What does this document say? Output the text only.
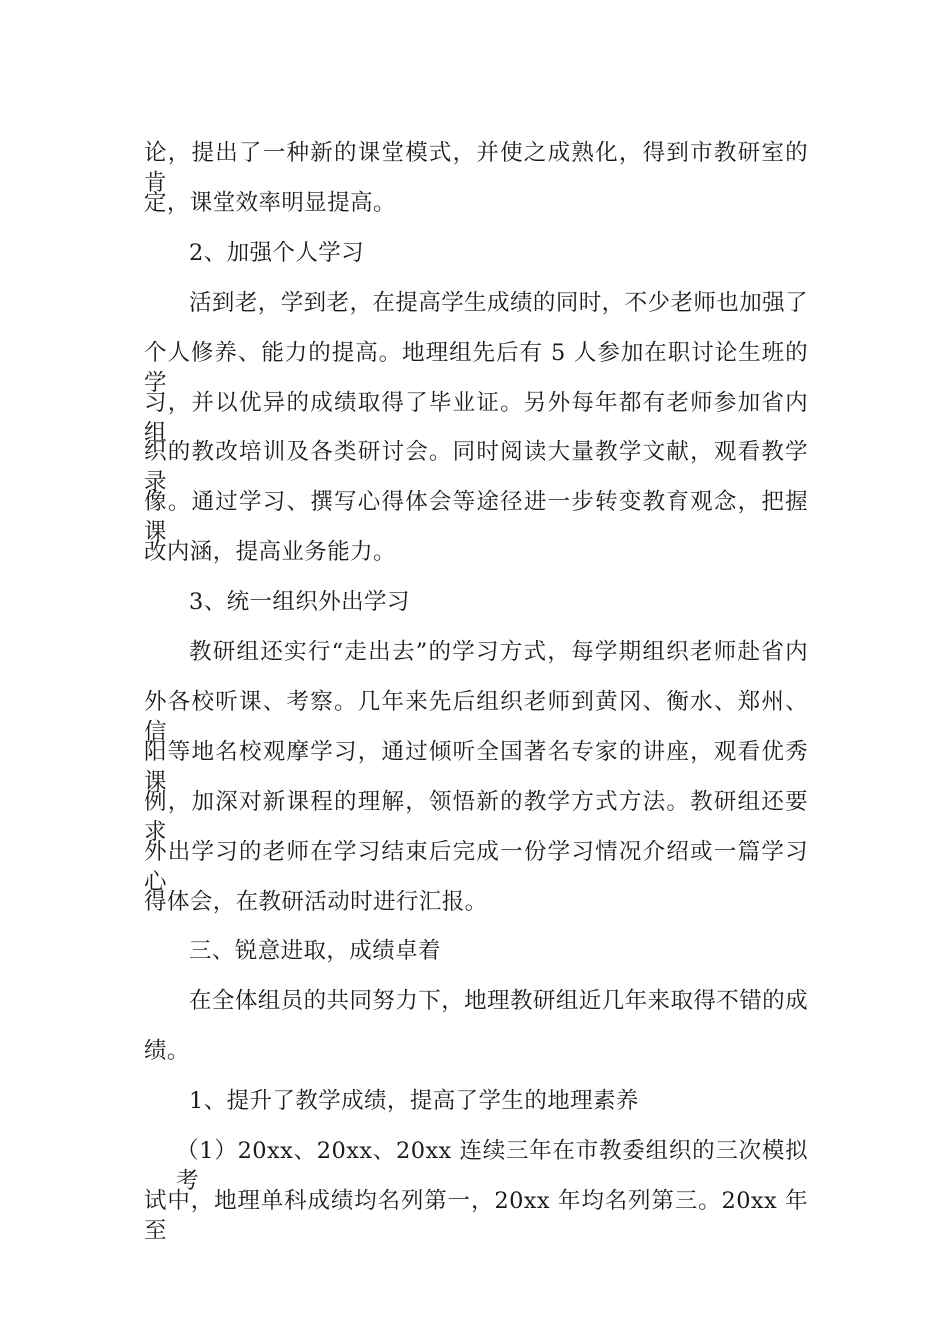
论，提出了一种新的课堂模式，并使之成熟化，得到市教研室的肯
定，课堂效率明显提高。
2、加强个人学习
活到老，学到老，在提高学生成绩的同时，不少老师也加强了
个人修养、能力的提高。地理组先后有 5 人参加在职讨论生班的学
习，并以优异的成绩取得了毕业证。另外每年都有老师参加省内组
织的教改培训及各类研讨会。同时阅读大量教学文献，观看教学录
像。通过学习、撰写心得体会等途径进一步转变教育观念，把握课
改内涵，提高业务能力。
3、统一组织外出学习
教研组还实行“走出去”的学习方式，每学期组织老师赴省内
外各校听课、考察。几年来先后组织老师到黄冈、衡水、郑州、信
阳等地名校观摩学习，通过倾听全国著名专家的讲座，观看优秀课
例，加深对新课程的理解，领悟新的教学方式方法。教研组还要求
外出学习的老师在学习结束后完成一份学习情况介绍或一篇学习心
得体会，在教研活动时进行汇报。
三、锐意进取，成绩卓着
在全体组员的共同努力下，地理教研组近几年来取得不错的成
绩。
1、提升了教学成绩，提高了学生的地理素养
（1）20xx、20xx、20xx 连续三年在市教委组织的三次模拟考
试中，地理单科成绩均名列第一，20xx 年均名列第三。20xx 年至
